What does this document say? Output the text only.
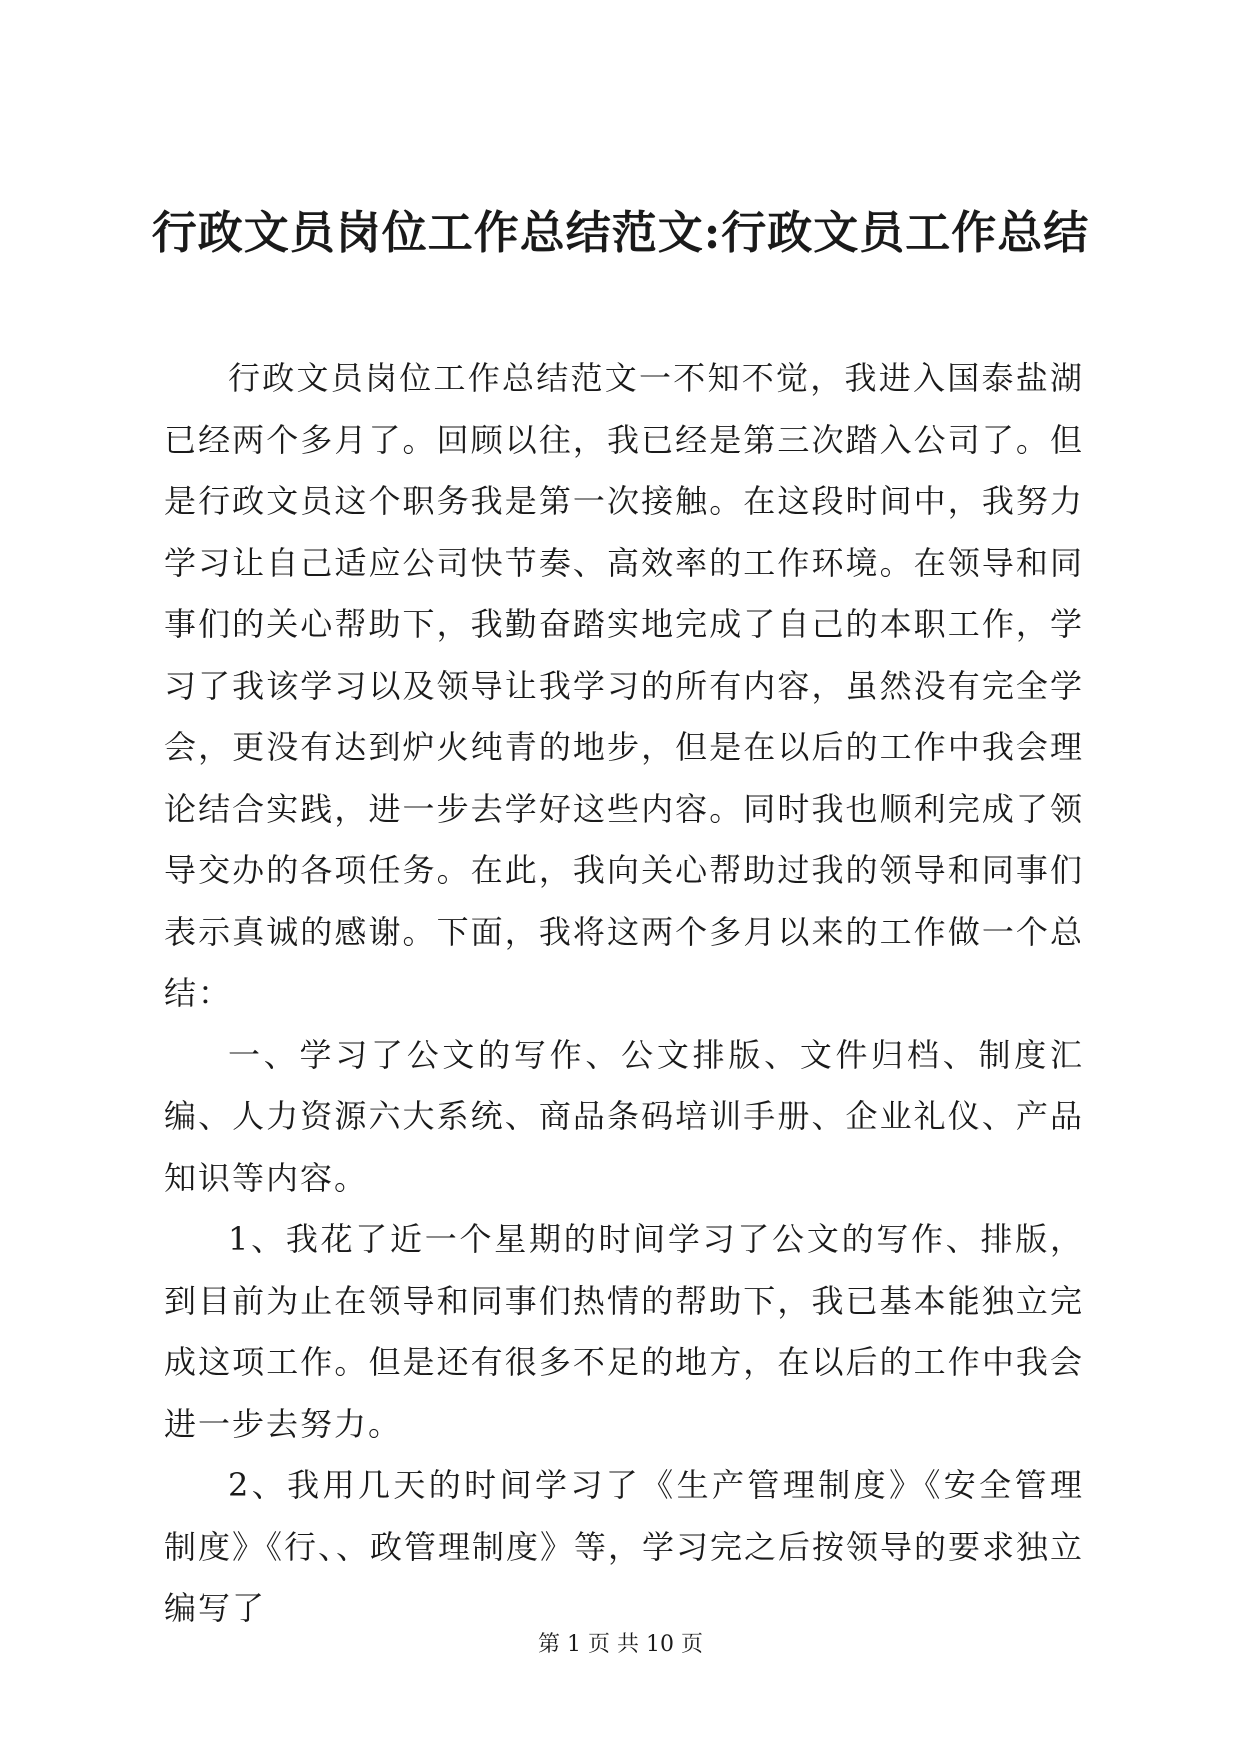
行政文员岗位工作总结范文:行政文员工作总结

行政文员岗位工作总结范文一不知不觉，我进入国泰盐湖已经两个多月了。回顾以往，我已经是第三次踏入公司了。但是行政文员这个职务我是第一次接触。在这段时间中，我努力学习让自己适应公司快节奏、高效率的工作环境。在领导和同事们的关心帮助下，我勤奋踏实地完成了自己的本职工作，学习了我该学习以及领导让我学习的所有内容，虽然没有完全学会，更没有达到炉火纯青的地步，但是在以后的工作中我会理论结合实践，进一步去学好这些内容。同时我也顺利完成了领导交办的各项任务。在此，我向关心帮助过我的领导和同事们表示真诚的感谢。下面，我将这两个多月以来的工作做一个总结：

一、学习了公文的写作、公文排版、文件归档、制度汇编、人力资源六大系统、商品条码培训手册、企业礼仪、产品知识等内容。

1、我花了近一个星期的时间学习了公文的写作、排版，到目前为止在领导和同事们热情的帮助下，我已基本能独立完成这项工作。但是还有很多不足的地方，在以后的工作中我会进一步去努力。

2、我用几天的时间学习了《生产管理制度》《安全管理制度》《行、、政管理制度》等，学习完之后按领导的要求独立编写了

第 1 页 共 10 页
